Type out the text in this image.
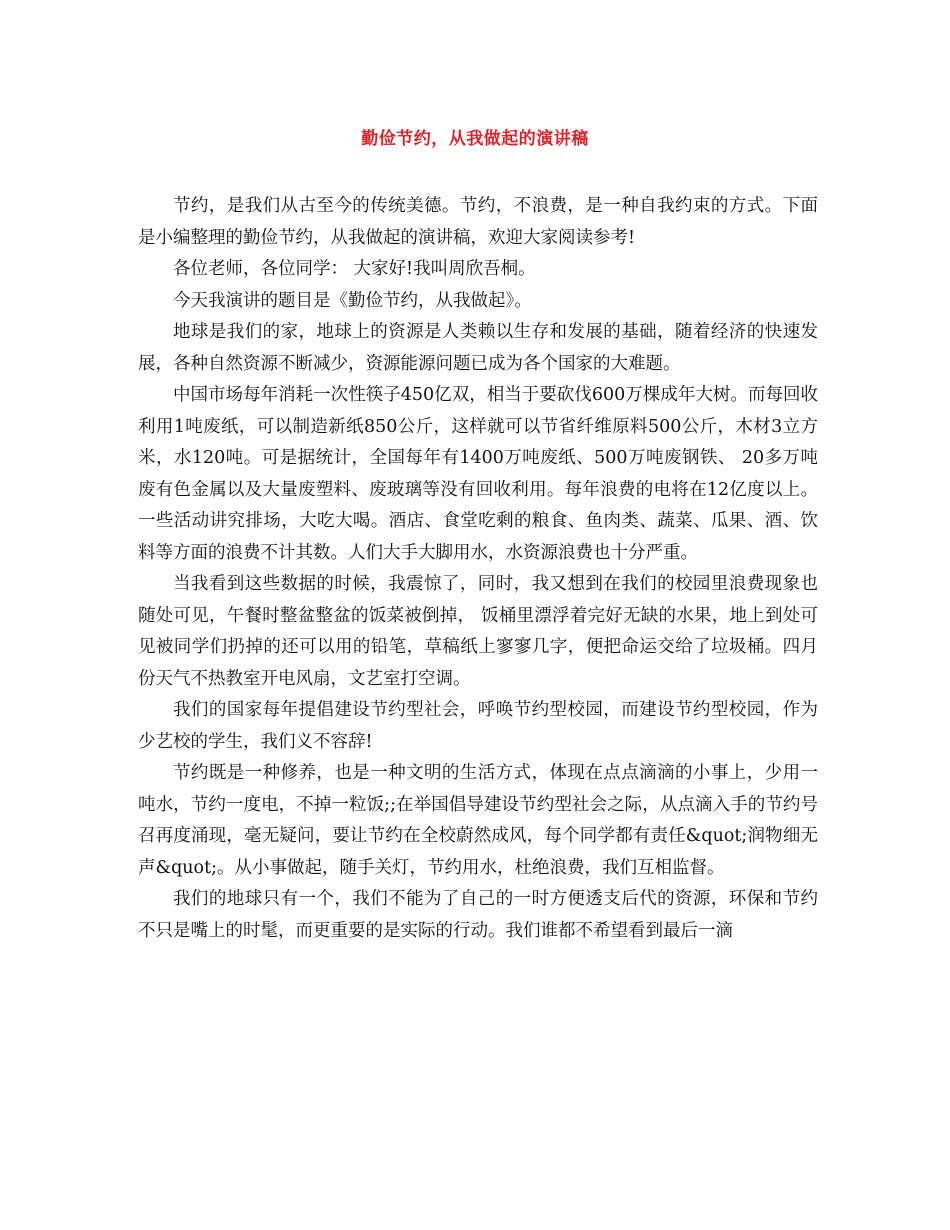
勤俭节约，从我做起的演讲稿

节约，是我们从古至今的传统美德。节约，不浪费，是一种自我约束的方式。下面是小编整理的勤俭节约，从我做起的演讲稿，欢迎大家阅读参考!

各位老师，各位同学： 大家好!我叫周欣吾桐。

今天我演讲的题目是《勤俭节约，从我做起》。

地球是我们的家，地球上的资源是人类赖以生存和发展的基础，随着经济的快速发展，各种自然资源不断减少，资源能源问题已成为各个国家的大难题。

中国市场每年消耗一次性筷子450亿双，相当于要砍伐600万棵成年大树。而每回收利用1吨废纸，可以制造新纸850公斤，这样就可以节省纤维原料500公斤，木材3立方米，水120吨。可是据统计，全国每年有1400万吨废纸、500万吨废钢铁、 20多万吨废有色金属以及大量废塑料、废玻璃等没有回收利用。每年浪费的电将在12亿度以上。一些活动讲究排场，大吃大喝。酒店、食堂吃剩的粮食、鱼肉类、蔬菜、瓜果、酒、饮料等方面的浪费不计其数。人们大手大脚用水，水资源浪费也十分严重。

当我看到这些数据的时候，我震惊了，同时，我又想到在我们的校园里浪费现象也随处可见，午餐时整盆整盆的饭菜被倒掉， 饭桶里漂浮着完好无缺的水果，地上到处可见被同学们扔掉的还可以用的铅笔，草稿纸上寥寥几字，便把命运交给了垃圾桶。四月份天气不热教室开电风扇，文艺室打空调。

我们的国家每年提倡建设节约型社会，呼唤节约型校园，而建设节约型校园，作为少艺校的学生，我们义不容辞!

节约既是一种修养，也是一种文明的生活方式，体现在点点滴滴的小事上，少用一吨水，节约一度电，不掉一粒饭;;在举国倡导建设节约型社会之际，从点滴入手的节约号召再度涌现，毫无疑问，要让节约在全校蔚然成风，每个同学都有责任&quot;润物细无声&quot;。从小事做起，随手关灯，节约用水，杜绝浪费，我们互相监督。

我们的地球只有一个，我们不能为了自己的一时方便透支后代的资源，环保和节约不只是嘴上的时髦，而更重要的是实际的行动。我们谁都不希望看到最后一滴
